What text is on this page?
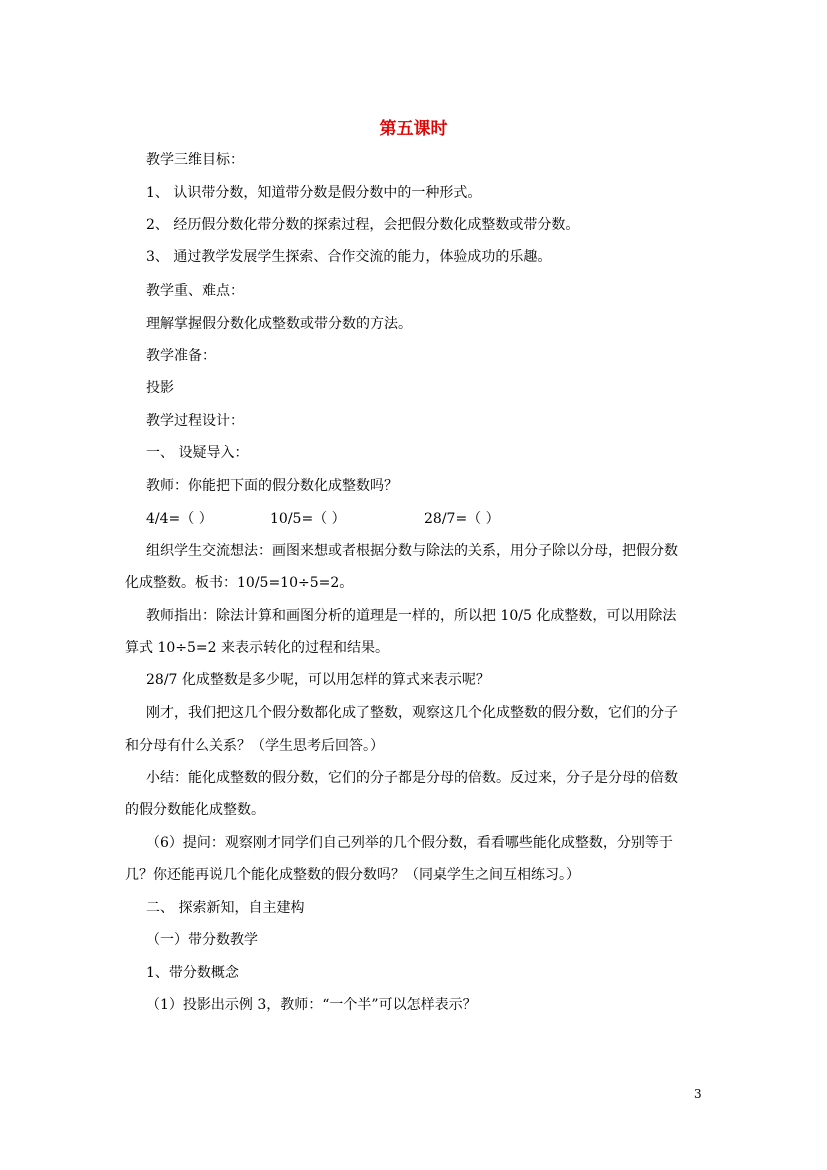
第五课时
教学三维目标：
1、 认识带分数，知道带分数是假分数中的一种形式。
2、 经历假分数化带分数的探索过程，会把假分数化成整数或带分数。
3、 通过教学发展学生探索、合作交流的能力，体验成功的乐趣。
教学重、难点：
理解掌握假分数化成整数或带分数的方法。
教学准备：
投影
教学过程设计：
一、 设疑导入：
教师：你能把下面的假分数化成整数吗？
4/4=（ ）	10/5=（ ）	28/7=（ ）
组织学生交流想法：画图来想或者根据分数与除法的关系，用分子除以分母，把假分数
化成整数。板书：10/5=10÷5=2。
教师指出：除法计算和画图分析的道理是一样的，所以把 10/5 化成整数，可以用除法
算式 10÷5=2 来表示转化的过程和结果。
28/7 化成整数是多少呢，可以用怎样的算式来表示呢？
刚才，我们把这几个假分数都化成了整数，观察这几个化成整数的假分数，它们的分子
和分母有什么关系？（学生思考后回答。）
小结：能化成整数的假分数，它们的分子都是分母的倍数。反过来，分子是分母的倍数
的假分数能化成整数。
（6）提问：观察刚才同学们自己列举的几个假分数，看看哪些能化成整数，分别等于
几？你还能再说几个能化成整数的假分数吗？（同桌学生之间互相练习。）
二、 探索新知，自主建构
（一）带分数教学
1、带分数概念
（1）投影出示例 3，教师：“一个半”可以怎样表示？
3
